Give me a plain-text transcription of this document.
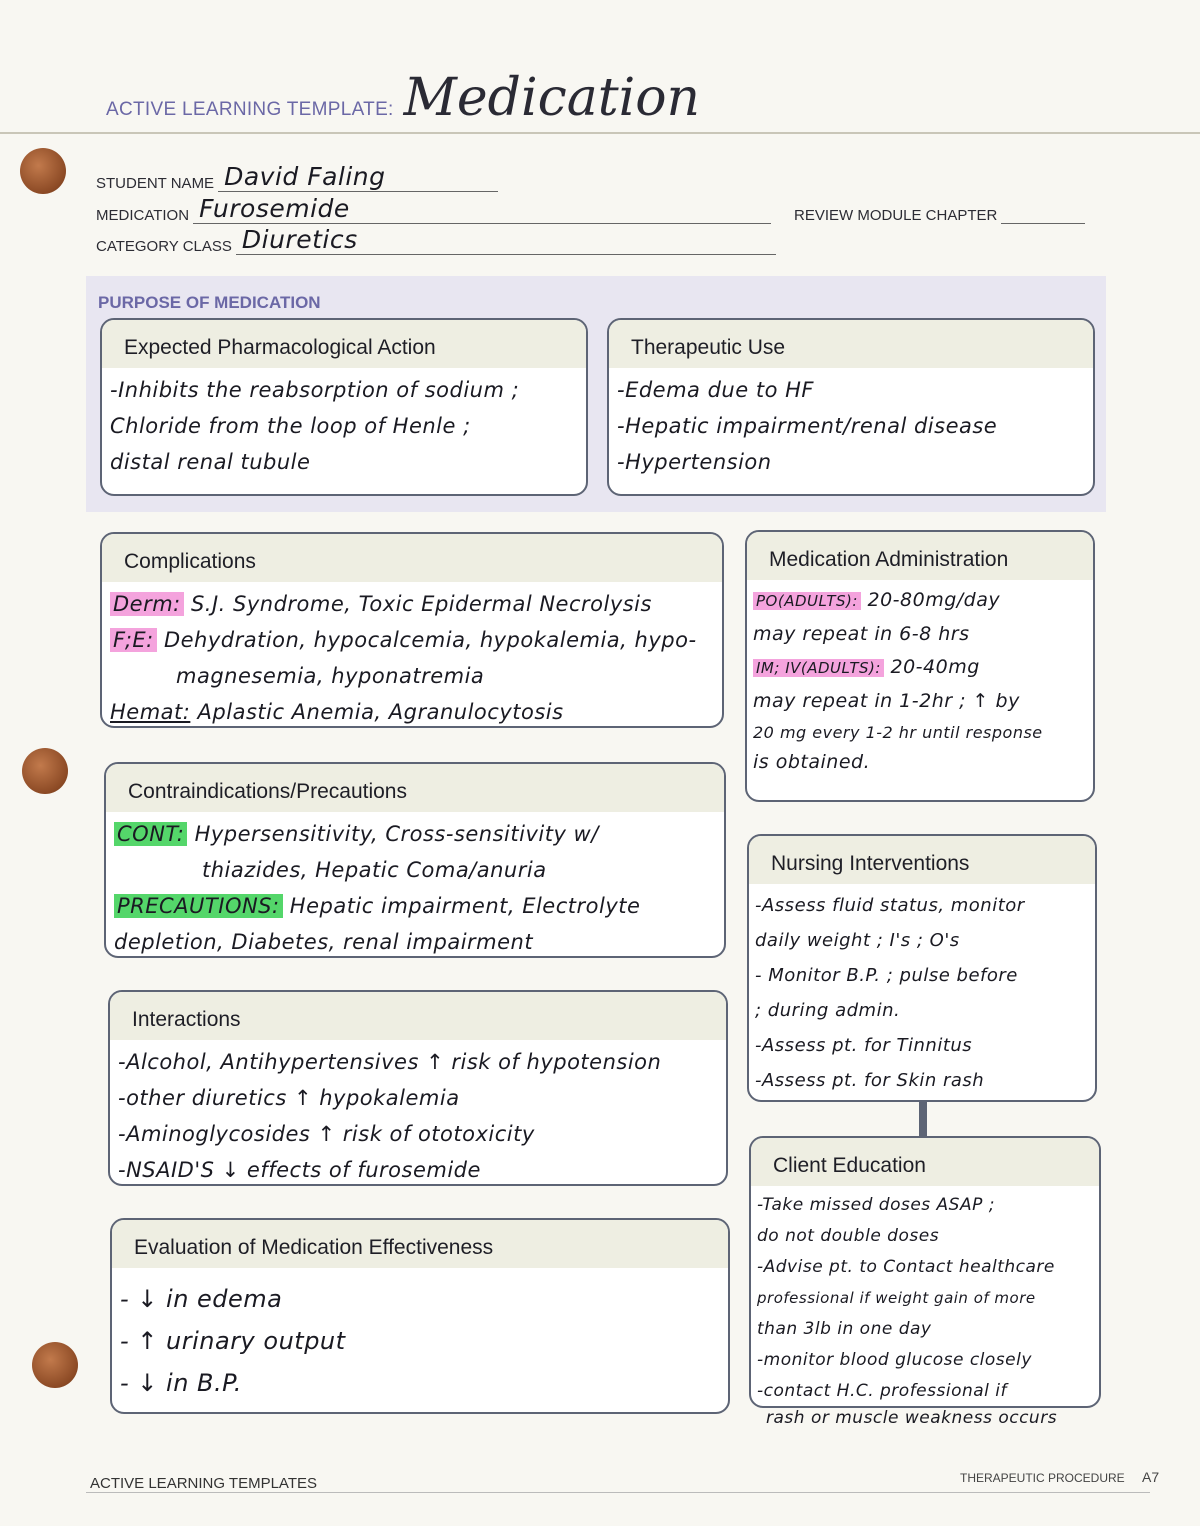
ACTIVE LEARNING TEMPLATE: Medication
STUDENT NAME David Faling
MEDICATION Furosemide	REVIEW MODULE CHAPTER
CATEGORY CLASS Diuretics
PURPOSE OF MEDICATION
Expected Pharmacological Action
-Inhibits the reabsorption of sodium ;
Chloride from the loop of Henle ;
distal renal tubule
Therapeutic Use
-Edema due to HF
-Hepatic impairment/renal disease
-Hypertension
Complications
Derm: S.J. Syndrome, Toxic Epidermal Necrolysis
F;E: Dehydration, hypocalcemia, hypokalemia, hypo-
magnesemia, hyponatremia
Hemat: Aplastic Anemia, Agranulocytosis
Contraindications/Precautions
CONT: Hypersensitivity, Cross-sensitivity w/
thiazides, Hepatic Coma/anuria
PRECAUTIONS: Hepatic impairment, Electrolyte
depletion, Diabetes, renal impairment
Interactions
-Alcohol, Antihypertensives ↑ risk of hypotension
-other diuretics ↑ hypokalemia
-Aminoglycosides ↑ risk of ototoxicity
-NSAID'S ↓ effects of furosemide
Evaluation of Medication Effectiveness
- ↓ in edema
- ↑ urinary output
- ↓ in B.P.
Medication Administration
PO(ADULTS): 20-80mg/day
may repeat in 6-8 hrs
IM; IV(ADULTS): 20-40mg
may repeat in 1-2hr ; ↑ by
20 mg every 1-2 hr until response
is obtained.
Nursing Interventions
-Assess fluid status, monitor
daily weight ; I's ; O's
- Monitor B.P. ; pulse before
; during admin.
-Assess pt. for Tinnitus
-Assess pt. for Skin rash
Client Education
-Take missed doses ASAP ;
do not double doses
-Advise pt. to Contact healthcare
professional if weight gain of more
than 3lb in one day
-monitor blood glucose closely
-contact H.C. professional if
rash or muscle weakness occurs
ACTIVE LEARNING TEMPLATES	THERAPEUTIC PROCEDURE A7
